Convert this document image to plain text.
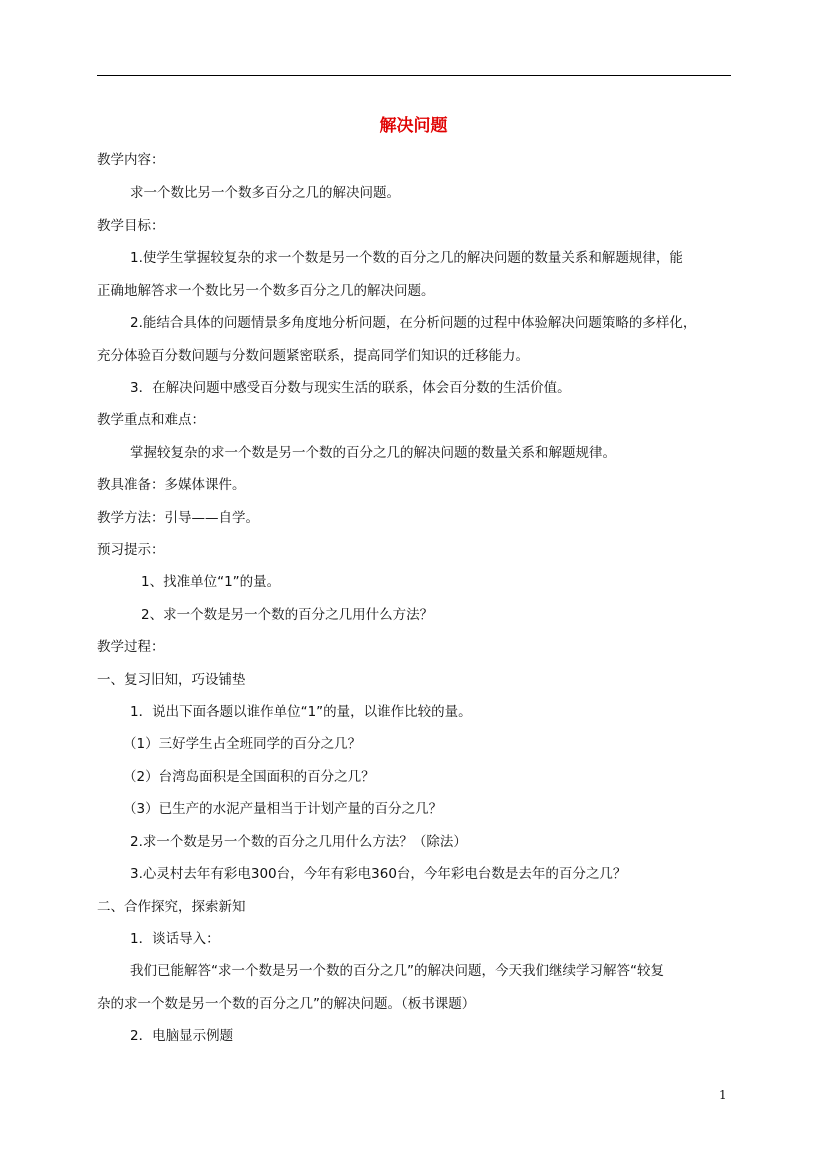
解决问题
教学内容：
求一个数比另一个数多百分之几的解决问题。
教学目标：
1.使学生掌握较复杂的求一个数是另一个数的百分之几的解决问题的数量关系和解题规律，能
正确地解答求一个数比另一个数多百分之几的解决问题。
2.能结合具体的问题情景多角度地分析问题，在分析问题的过程中体验解决问题策略的多样化，
充分体验百分数问题与分数问题紧密联系，提高同学们知识的迁移能力。
3．在解决问题中感受百分数与现实生活的联系，体会百分数的生活价值。
教学重点和难点：
掌握较复杂的求一个数是另一个数的百分之几的解决问题的数量关系和解题规律。
教具准备：多媒体课件。
教学方法：引导——自学。
预习提示：
1、找准单位“1”的量。
2、求一个数是另一个数的百分之几用什么方法？
教学过程：
一、复习旧知，巧设铺垫
1．说出下面各题以谁作单位“1”的量，以谁作比较的量。
（1）三好学生占全班同学的百分之几？
（2）台湾岛面积是全国面积的百分之几？
（3）已生产的水泥产量相当于计划产量的百分之几？
2.求一个数是另一个数的百分之几用什么方法？（除法）
3.心灵村去年有彩电300台，今年有彩电360台，今年彩电台数是去年的百分之几？
二、合作探究，探索新知
1．谈话导入：
我们已能解答“求一个数是另一个数的百分之几”的解决问题，今天我们继续学习解答“较复
杂的求一个数是另一个数的百分之几”的解决问题。（板书课题）
2．电脑显示例题
1
